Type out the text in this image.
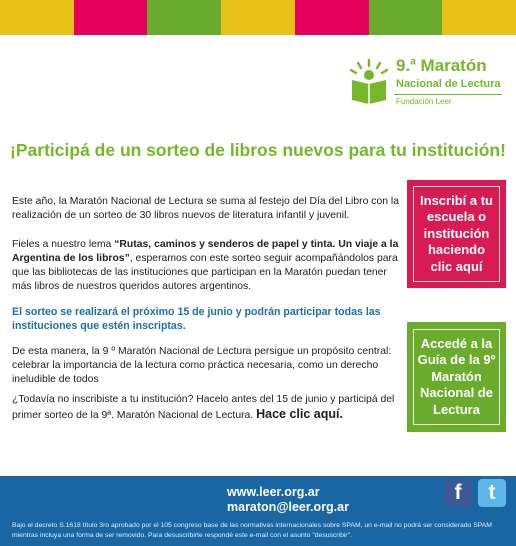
9.$^a$ Maratón
Nacional de Lectura
Fundación Leer
¡Participá de un sorteo de libros nuevos para tu institución!
Este año, la Maratón Nacional de Lectura se suma al festejo del Día del Libro con la realización de un sorteo de 30 libros nuevos de literatura infantil y juvenil.
Fieles a nuestro lema “Rutas, caminos y senderos de papel y tinta. Un viaje a la Argentina de los libros”, esperamos con este sorteo seguir acompañándolos para que las bibliotecas de las instituciones que participan en la Maratón puedan tener más libros de nuestros queridos autores argentinos.
El sorteo se realizará el próximo 15 de junio y podrán participar todas las instituciones que estén inscriptas.
De esta manera, la 9 º Maratón Nacional de Lectura persigue un propósito central: celebrar la importancia de la lectura como práctica necesaria, como un derecho ineludible de todos
¿Todavía no inscribiste a tu institución? Hacelo antes del 15 de junio y participá del primer sorteo de la 9ª. Maratón Nacional de Lectura. Hace clic aquí.
Inscribí a tu escuela o institución haciendo clic aquí
Accedé a la Guía de la 9º Maratón Nacional de Lectura
www.leer.org.ar
maraton@leer.org.ar
f	t
Bajo el decreto S.1618 título 3ro aprobado por el 105 congreso base de las normativas internacionales sobre SPAM, un e-mail no podrá ser considerado SPAM mientras incluya una forma de ser removido. Para desuscribirte respondé este e-mail con el asunto "desuscribir".
